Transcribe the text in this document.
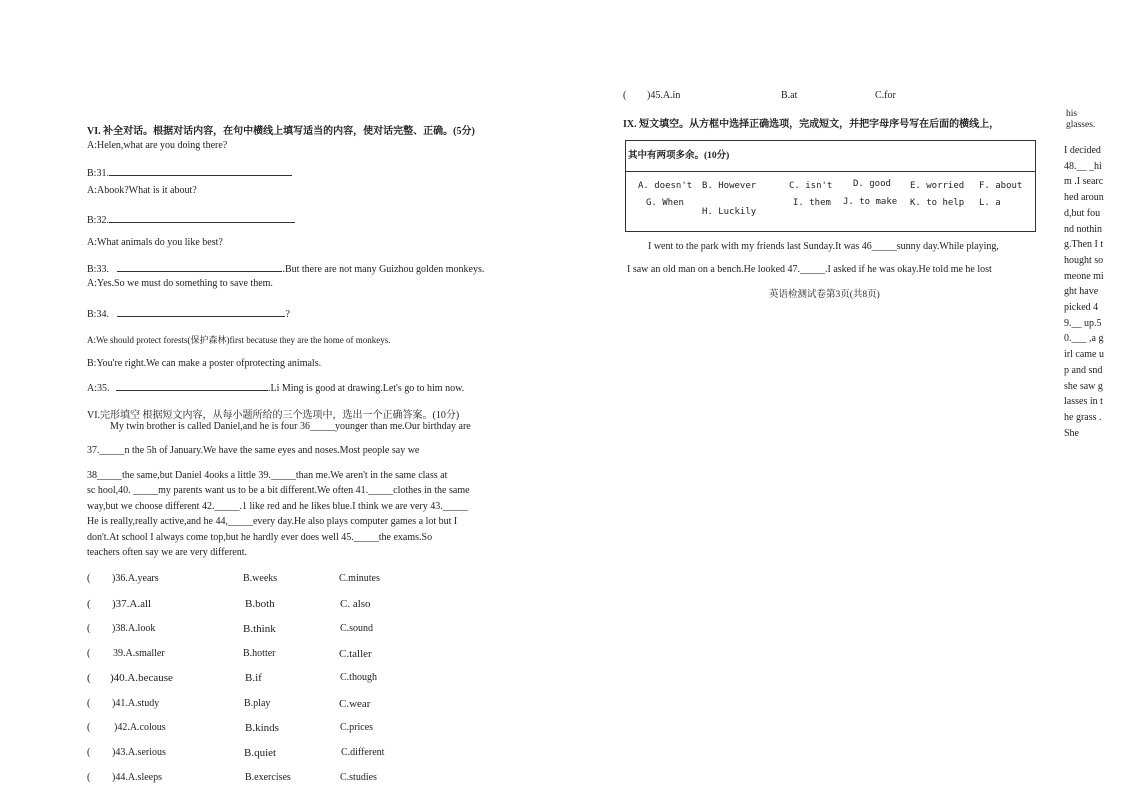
VI. 补全对话。根据对话内容，在句中横线上填写适当的内容，使对话完整、正确。(5分)
A:Helen,what are you doing there?
B:31.
A:Abook?What is it about?
B:32.
A:What animals do you like best?
B:33.	.But there are not many Guizhou golden monkeys.
A:Yes.So we must do something to save them.
B:34.	?
A:We should protect forests(保护森林)first becatuse they are the home of monkeys.
B:You're right.We can make a poster ofprotecting animals.
A:35.	.Li Ming is good at drawing.Let's go to him now.
VI.完形填空 根据短文内容，从每小题所给的三个选项中，选出一个正确答案。(10分)
My twin brother is called Daniel,and he is four 36_____younger than me.Our birthday are
37._____n the 5h of January.We have the same eyes and noses.Most people say we
38_____the same,but Daniel 4ooks a little 39._____than me.We aren't in the same class at
sc hool,40. _____my parents want us to be a bit different.We often 41._____clothes in the same
way,but we choose different 42._____.1 like red and he likes blue.I think we are very 43._____
He is really,really active,and he 44,_____every day.He also plays computer games a lot but I
don't.At school I always come top,but he hardly ever does well 45._____the exams.So
teachers often say we are very different.
( )36.A.years	B.weeks	C.minutes
( )37.A.all	B.both	C. also
( )38.A.look	B.think	C.sound
( 39.A.smaller	B.hotter	C.taller
( )40.A.because	B.if	C.though
( )41.A.study	B.play	C.wear
( )42.A.colous	B.kinds	C.prices
( )43.A.serious	B.quiet	C.different
( )44.A.sleeps	B.exercises	C.studies
( )45.A.in	B.at	C.for
IX. 短文填空。从方框中选择正确选项，完成短文，并把字母序号写在后面的横线上，
其中有两项多余。(10分)
A. doesn't B. However	C. isn't D. good E. worried F. about
G. When
H. Luckily
I. them J. to make K. to help L. a
I went to the park with my friends last Sunday.It was 46_____sunny day.While playing,
I saw an old man on a bench.He looked 47._____.I asked if he was okay.He told me he lost
英语检测试卷第3页(共8页)
his glasses.
I decided 48.__ _him .I searched around,but found nothing.Then I thought someone might have picked 49.__ up.50.___ ,a girl came up and snd she saw glasses in the grass .She
